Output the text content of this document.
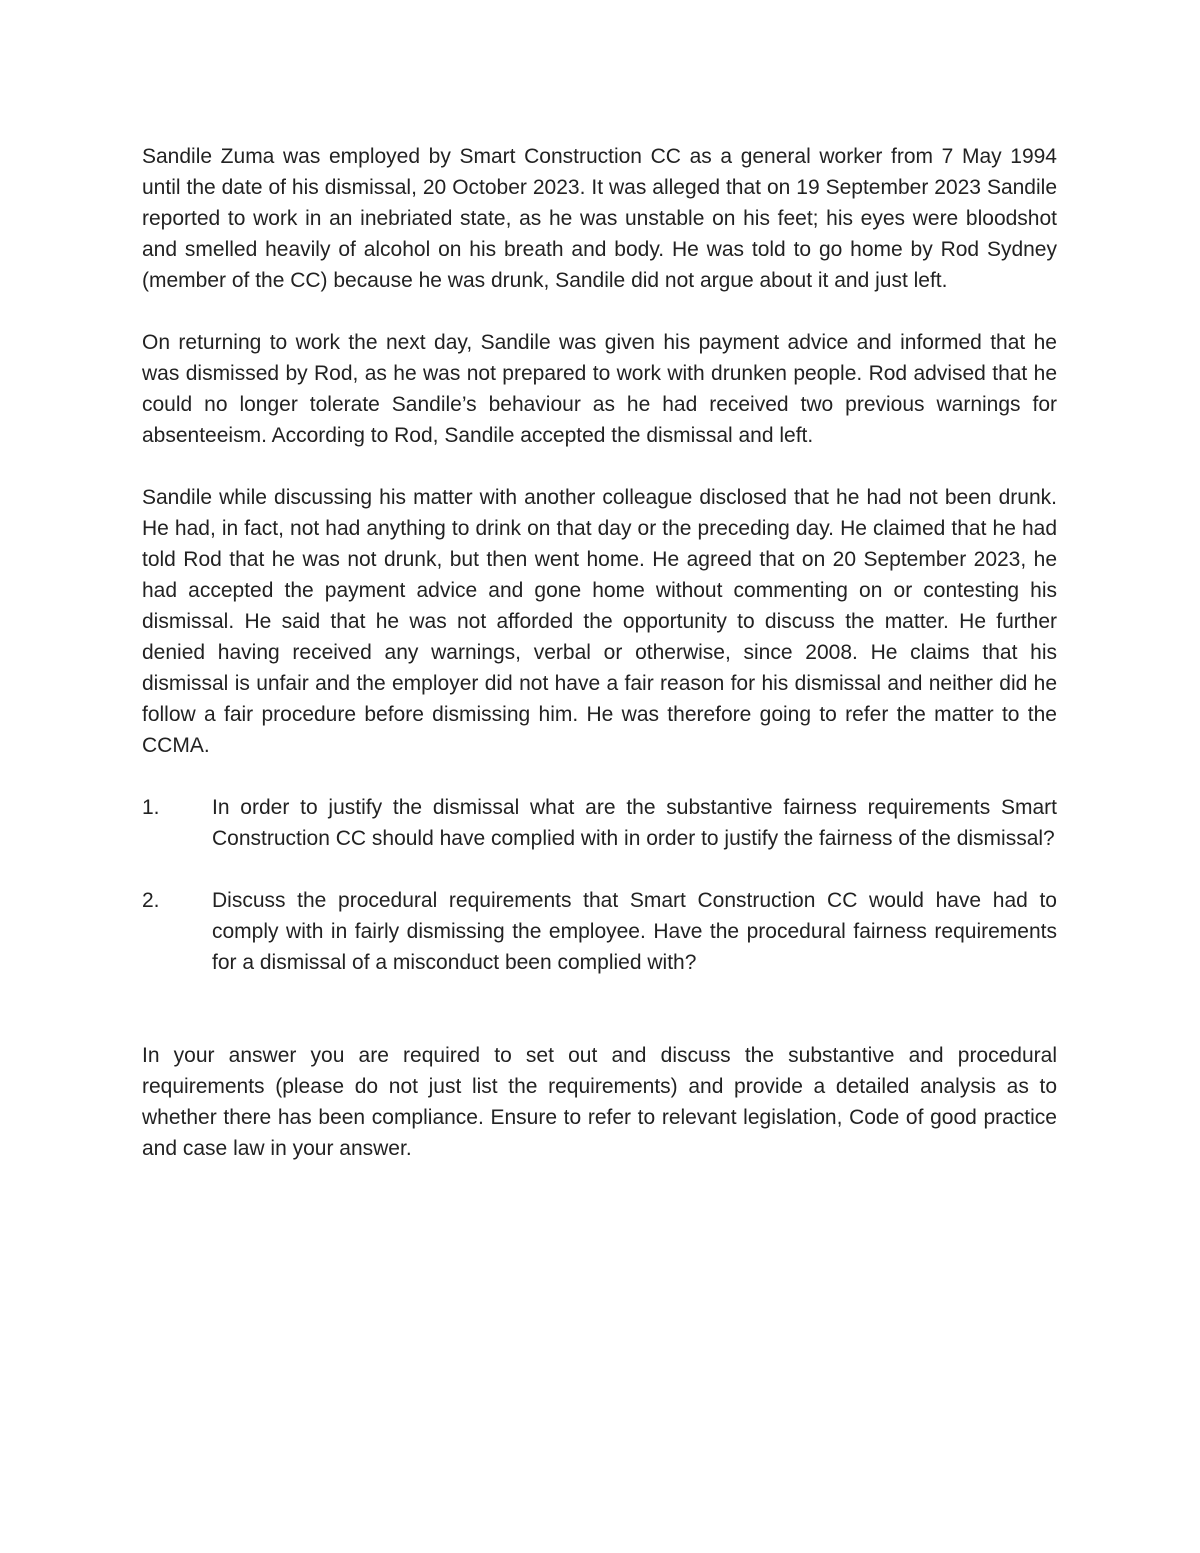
Sandile Zuma was employed by Smart Construction CC as a general worker from 7 May 1994 until the date of his dismissal, 20 October 2023. It was alleged that on 19 September 2023 Sandile reported to work in an inebriated state, as he was unstable on his feet; his eyes were bloodshot and smelled heavily of alcohol on his breath and body. He was told to go home by Rod Sydney (member of the CC) because he was drunk, Sandile did not argue about it and just left.

On returning to work the next day, Sandile was given his payment advice and informed that he was dismissed by Rod, as he was not prepared to work with drunken people. Rod advised that he could no longer tolerate Sandile’s behaviour as he had received two previous warnings for absenteeism. According to Rod, Sandile accepted the dismissal and left.

Sandile while discussing his matter with another colleague disclosed that he had not been drunk. He had, in fact, not had anything to drink on that day or the preceding day. He claimed that he had told Rod that he was not drunk, but then went home. He agreed that on 20 September 2023, he had accepted the payment advice and gone home without commenting on or contesting his dismissal. He said that he was not afforded the opportunity to discuss the matter. He further denied having received any warnings, verbal or otherwise, since 2008. He claims that his dismissal is unfair and the employer did not have a fair reason for his dismissal and neither did he follow a fair procedure before dismissing him. He was therefore going to refer the matter to the CCMA.

1.	In order to justify the dismissal what are the substantive fairness requirements Smart Construction CC should have complied with in order to justify the fairness of the dismissal?
2.	Discuss the procedural requirements that Smart Construction CC would have had to comply with in fairly dismissing the employee. Have the procedural fairness requirements for a dismissal of a misconduct been complied with?

In your answer you are required to set out and discuss the substantive and procedural requirements (please do not just list the requirements) and provide a detailed analysis as to whether there has been compliance. Ensure to refer to relevant legislation, Code of good practice and case law in your answer.
